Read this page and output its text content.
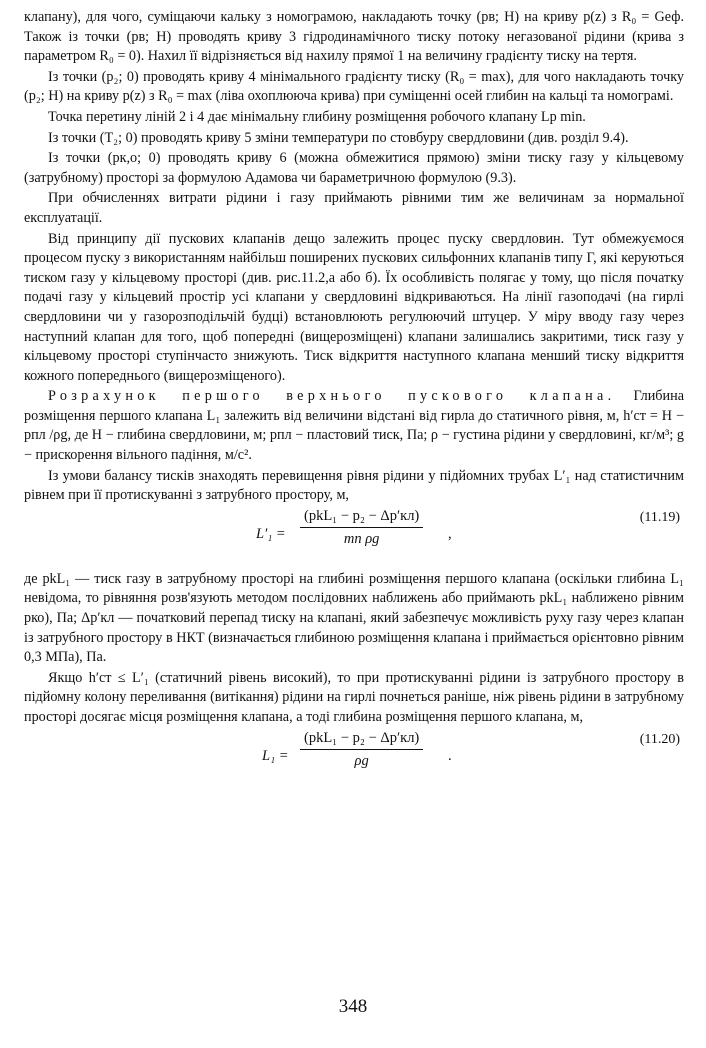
клапану), для чого, суміщаючи кальку з номограмою, накладають точку (pв; H) на криву p(z) з R₀ = Gеф. Також із точки (pв; H) проводять криву 3 гідродинамічного тиску потоку негазованої рідини (крива з параметром R₀ = 0). Нахил її відрізняється від нахилу прямої 1 на величину градієнту тиску на тертя.

Із точки (p₂; 0) проводять криву 4 мінімального градієнту тиску (R₀ = max), для чого накладають точку (p₂; H) на криву p(z) з R₀ = max (ліва охоплююча крива) при суміщенні осей глибин на кальці та номограмі.

Точка перетину ліній 2 і 4 дає мінімальну глибину розміщення робочого клапану Lр min.

Із точки (T₂; 0) проводять криву 5 зміни температури по стовбуру свердловини (див. розділ 9.4).

Із точки (pк,о; 0) проводять криву 6 (можна обмежитися прямою) зміни тиску газу у кільцевому (затрубному) просторі за формулою Адамова чи бараметричною формулою (9.3).

При обчисленнях витрати рідини і газу приймають рівними тим же величинам за нормальної експлуатації.

Від принципу дії пускових клапанів дещо залежить процес пуску свердловин. Тут обмежуємося процесом пуску з використанням найбільш поширених пускових сильфонних клапанів типу Г, які керуються тиском газу у кільцевому просторі (див. рис.11.2,а або б). Їх особливість полягає у тому, що після початку подачі газу у кільцевий простір усі клапани у свердловині відкриваються. На лінії газоподачі (на гирлі свердловини чи у газорозподільчій будці) встановлюють регулюючий штуцер. У міру вводу газу через наступний клапан для того, щоб попередні (вищерозміщені) клапани залишались закритими, тиск газу у кільцевому просторі ступінчасто знижують. Тиск відкриття наступного клапана менший тиску відкриття кожного попереднього (вищерозміщеного).

Розрахунок першого верхнього пускового клапана. Глибина розміщення першого клапана L₁ залежить від величини відстані від гирла до статичного рівня, м, h′ст = H − pпл /ρg, де H − глибина свердловини, м; pпл − пластовий тиск, Па; ρ − густина рідини у свердловині, кг/м³; g − прискорення вільного падіння, м/с².

Із умови балансу тисків знаходять перевищення рівня рідини у підйомних трубах L′₁ над статистичним рівнем при її протискуванні з затрубного простору, м,

L′₁ =
(pkL₁ − p₂ − Δp′кл)
mп ρg	,
(11.19)

де pkL₁ — тиск газу в затрубному просторі на глибині розміщення першого клапана (оскільки глибина L₁ невідома, то рівняння розв'язують методом послідовних наближень або приймають pkL₁ наближено рівним pко), Па; Δp′кл — початковий перепад тиску на клапані, який забезпечує можливість руху газу через клапан із затрубного простору в НКТ (визначається глибиною розміщення клапана і приймається орієнтовно рівним 0,3 МПа), Па.

Якщо h′ст ≤ L′₁ (статичний рівень високий), то при протискуванні рідини із затрубного простору в підйомну колону переливання (витікання) рідини на гирлі почнеться раніше, ніж рівень рідини в затрубному просторі досягає місця розміщення клапана, а тоді глибина розміщення першого клапана, м,

L₁ =
(pkL₁ − p₂ − Δp′кл)
ρg	.
(11.20)
348
